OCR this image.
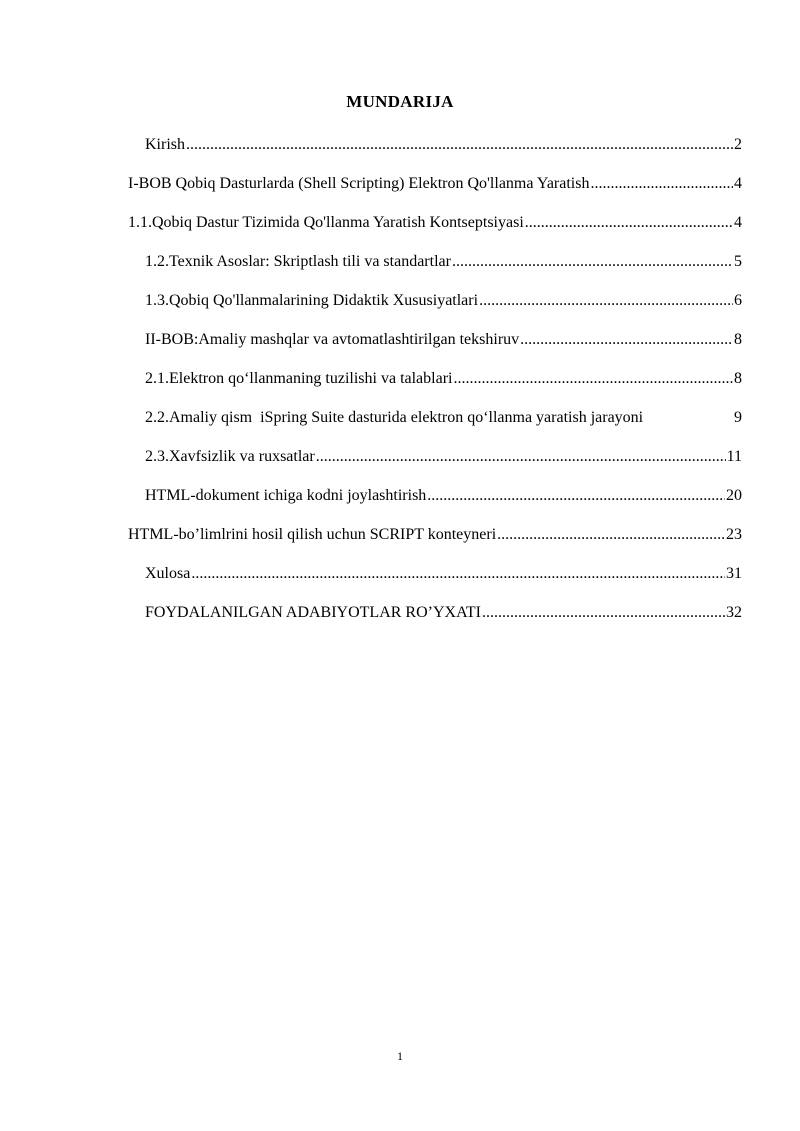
MUNDARIJA
Kirish .....	2
I-BOB Qobiq Dasturlarda (Shell Scripting) Elektron Qo'llanma Yaratish .....	4
1.1.Qobiq Dastur Tizimida Qo'llanma Yaratish Kontseptsiyasi .....	4
1.2.Texnik Asoslar: Skriptlash tili va standartlar .....	5
1.3.Qobiq Qo'llanmalarining Didaktik Xususiyatlari .....	6
II-BOB:Amaliy mashqlar va avtomatlashtirilgan tekshiruv .....	8
2.1.Elektron qo‘llanmaning tuzilishi va talablari .....	8
2.2.Amaliy qism  iSpring Suite dasturida elektron qo‘llanma yaratish jarayoni	9
2.3.Xavfsizlik va ruxsatlar .....	11
HTML-dokument ichiga kodni joylashtirish .....	20
HTML-bo’limlrini hosil qilish uchun SCRIPT konteyneri .....	23
Xulosa .....	31
FOYDALANILGAN ADABIYOTLAR RO’YXATI .....	32
1
